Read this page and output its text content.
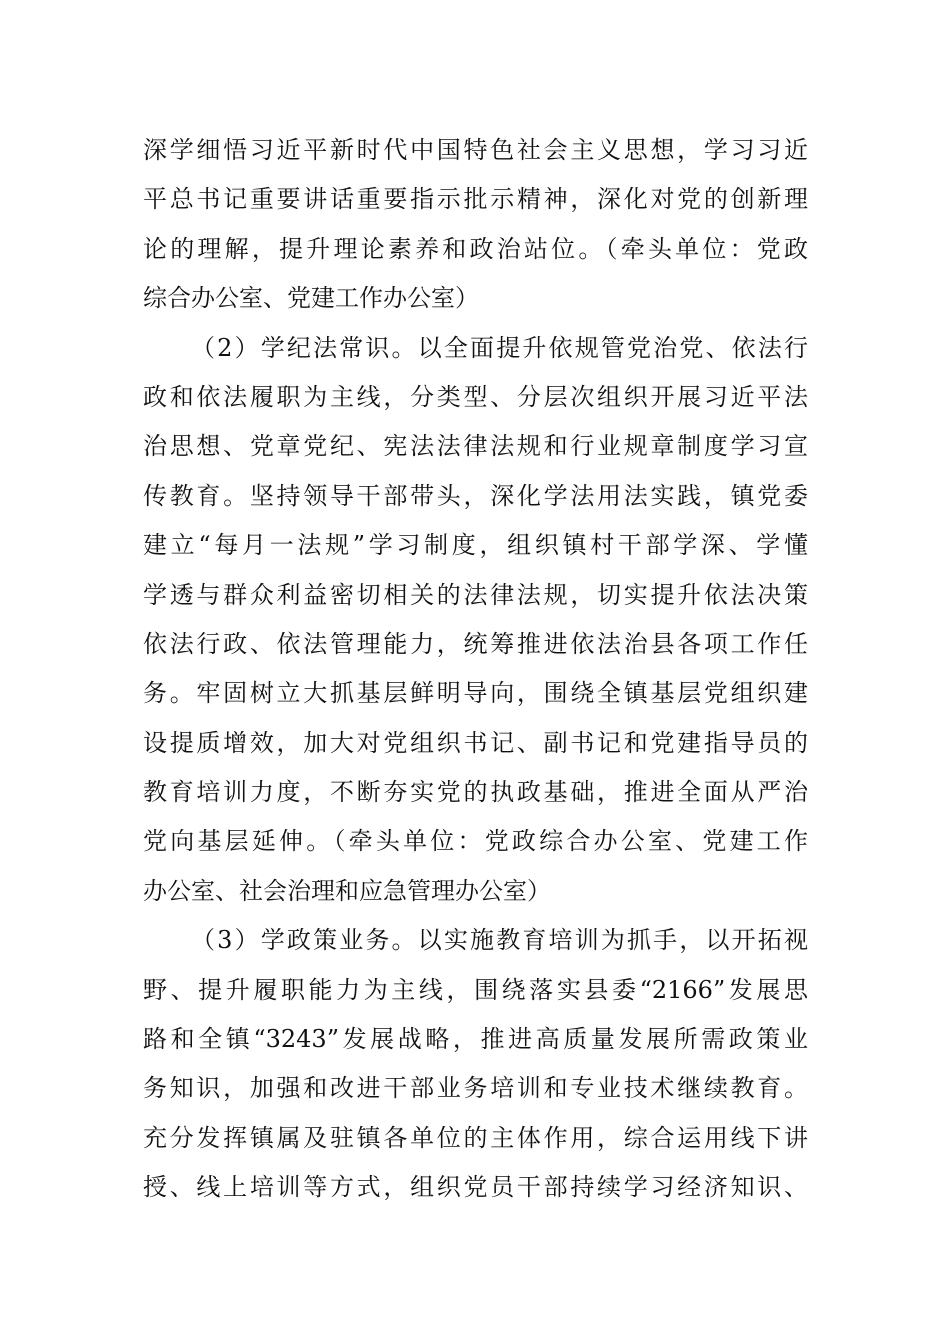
深学细悟习近平新时代中国特色社会主义思想，学习习近
平总书记重要讲话重要指示批示精神，深化对党的创新理
论的理解，提升理论素养和政治站位。（牵头单位：党政
综合办公室、党建工作办公室）
（2）学纪法常识。以全面提升依规管党治党、依法行
政和依法履职为主线，分类型、分层次组织开展习近平法
治思想、党章党纪、宪法法律法规和行业规章制度学习宣
传教育。坚持领导干部带头，深化学法用法实践，镇党委
建立“每月一法规”学习制度，组织镇村干部学深、学懂
学透与群众利益密切相关的法律法规，切实提升依法决策
依法行政、依法管理能力，统筹推进依法治县各项工作任
务。牢固树立大抓基层鲜明导向，围绕全镇基层党组织建
设提质增效，加大对党组织书记、副书记和党建指导员的
教育培训力度，不断夯实党的执政基础，推进全面从严治
党向基层延伸。（牵头单位：党政综合办公室、党建工作
办公室、社会治理和应急管理办公室）
（3）学政策业务。以实施教育培训为抓手，以开拓视
野、提升履职能力为主线，围绕落实县委“2166”发展思
路和全镇“3243”发展战略，推进高质量发展所需政策业
务知识，加强和改进干部业务培训和专业技术继续教育。
充分发挥镇属及驻镇各单位的主体作用，综合运用线下讲
授、线上培训等方式，组织党员干部持续学习经济知识、
